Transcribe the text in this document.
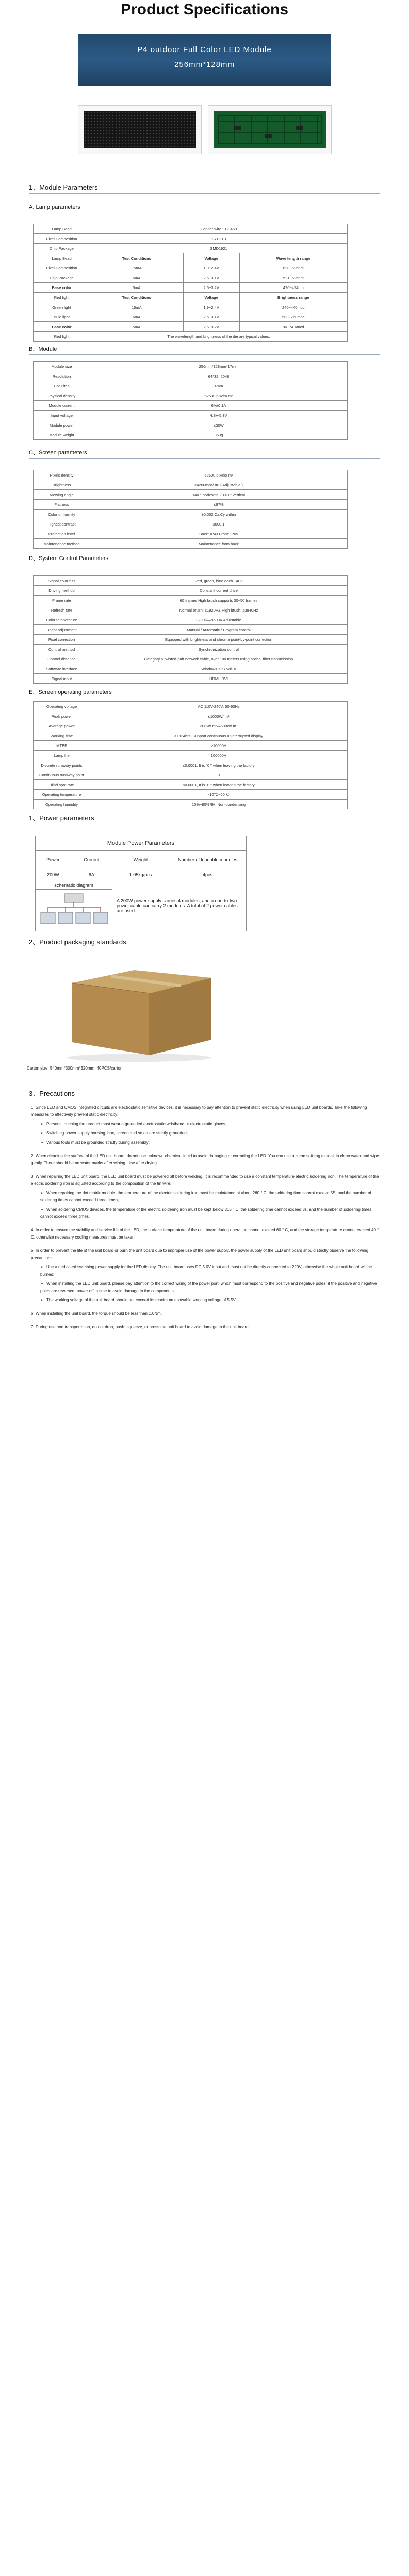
Product Specifications
P4 outdoor Full Color LED Module
256mm*128mm
1、Module Parameters
A. Lamp parameters
Lamp Bead	Copper wire：BS469		
Pixel Composition	1R1G1B		
Chip Package	SMD1921		
Lamp Bead	Test Conditions	Voltage	Wave length range
Pixel Composition	15mA	1.9~2.4V	620~625nm
Chip Package	6mA	2.5~3.1V	521~525nm
Base color	5mA	2.6~3.2V	470~474nm
Red light	Test Conditions	Voltage	Brightness range
Green light	15mA	1.9~2.4V	240~440mcd
Bule light	6mA	2.5~3.1V	580~760mcd
Base color	5mA	2.6~3.2V	86~74.6mcd
Red light	The wavelength and brightness of the die are typical values.		
B、Module
Module size	256mm*128mm*17mm
Resolution	64*32=2048
Dot Pitch	4mm
Physical density	62500 pixels/ m²
Module current	6A±0.1A
Input voltage	4.8V-5.3V
Module power	≤30W
Module weight	369g
C、Screen parameters
Pixels density	62500 pixels/ m²
Brightness	≥4200mcd/ m² ( Adjustable )
Viewing angle	140 ° horizontal / 140 ° vertical
Flatness	≤97%
Color uniformity	±0.002 Cx,Cy within
Highest contrast	3000:1
Protection level	Back: IP43 Front: IP65
Maintenance method	Maintenance from back
D、System Control Parameters
Signal color bits	Red, green, blue each 14Bit
Driving method	Constant current drive
Frame rate	60 frames High brush supports 30~50 frames
Refresh rate	Normal brush: ≤1920HZ High brush: ≥3840Hz
Color temperature	3200K—9500K Adjustable
Bright adjustment	Manual / Automatic / Program control
Pixel correction	Equipped with brightness and chroma point-by-point correction
Control method	Synchronization control
Control distance	Category 5 twisted-pair network cable, over 100 meters using optical fiber transmission
Software interface	Windows XP /7/8/10
Signal input	HDMI, DVI
E、Screen operating parameters
Operating voltage	AC 110V-240V; 50-60Hz
Peak power	≤1000W/ m²
Average power	300W/ m²—680W/ m²
Working time	≥7×24hrs. Support continuous uninterrupted display
MTBF	≥10000H
Lamp life	100000H
Discrete runaway points	≤0.0001, It is "0 " when leaving the factory
Continuous runaway point	0
Blind spot rate	≤0.0001, It is "0 " when leaving the factory
Operating temperature	-10℃~60℃
Operating humidity	10%~90%RH, Non-condensing
1、Power parameters
Module Power Parameters			
Power	Current	Weight	Number of loadable modules
200W	6A	1.05kg/pcs	4pcs
schematic diagram		A 200W power supply carries 4 modules, and a one-to-two power cable can carry 2 modules. A total of 2 power cables are used.	

2、Product packaging standards
Carton size: 540mm*300mm*320mm, 40PCS/carton
3、Precautions
1. Since LED and CMOS integrated circuits are electrostatic sensitive devices, it is necessary to pay attention to prevent static electricity when using LED unit boards. Take the following measures to effectively prevent static electricity:
➢ Persons touching the product must wear a grounded electrostatic wristband or electrostatic gloves;
➢ Switching power supply housing, box, screen and so on are strictly grounded;
➢ Various tools must be grounded strictly during assembly;
2. When cleaning the surface of the LED unit board, do not use unknown chemical liquid to avoid damaging or corroding the LED. You can use a clean soft rag to soak in clean water and wipe gently. There should be no water marks after wiping. Use after drying.
3. When repairing the LED unit board, the LED unit board must be powered off before welding. It is recommended to use a constant temperature electric soldering iron. The temperature of the electric soldering iron is adjusted according to the composition of the tin wire:
➢ When repairing the dot matrix module, the temperature of the electric soldering iron must be maintained at about 260 ° C, the soldering time cannot exceed 5S, and the number of soldering times cannot exceed three times;
➢ When soldering CMOS devices, the temperature of the electric soldering iron must be kept below 315 ° C, the soldering time cannot exceed 3s, and the number of soldering times cannot exceed three times.
4. In order to ensure the stability and service life of the LED, the surface temperature of the unit board during operation cannot exceed 60 ° C, and the storage temperature cannot exceed 40 ° C, otherwise necessary cooling measures must be taken;
5. In order to prevent the life of the unit board or burn the unit board due to improper use of the power supply, the power supply of the LED unit board should strictly observe the following precautions:
➢ Use a dedicated switching power supply for the LED display. The unit board uses DC 5.0V input and must not be directly connected to 220V, otherwise the whole unit board will be burned;
➢ When installing the LED unit board, please pay attention to the correct wiring of the power port, which must correspond to the positive and negative poles; if the positive and negative poles are reversed, power off in time to avoid damage to the components;
➢ The working voltage of the unit board should not exceed its maximum allowable working voltage of 5.5V;
6. When installing the unit board, the torque should be less than 1.0Nm.
7. During use and transportation, do not drop, push, squeeze, or press the unit board to avoid damage to the unit board.
